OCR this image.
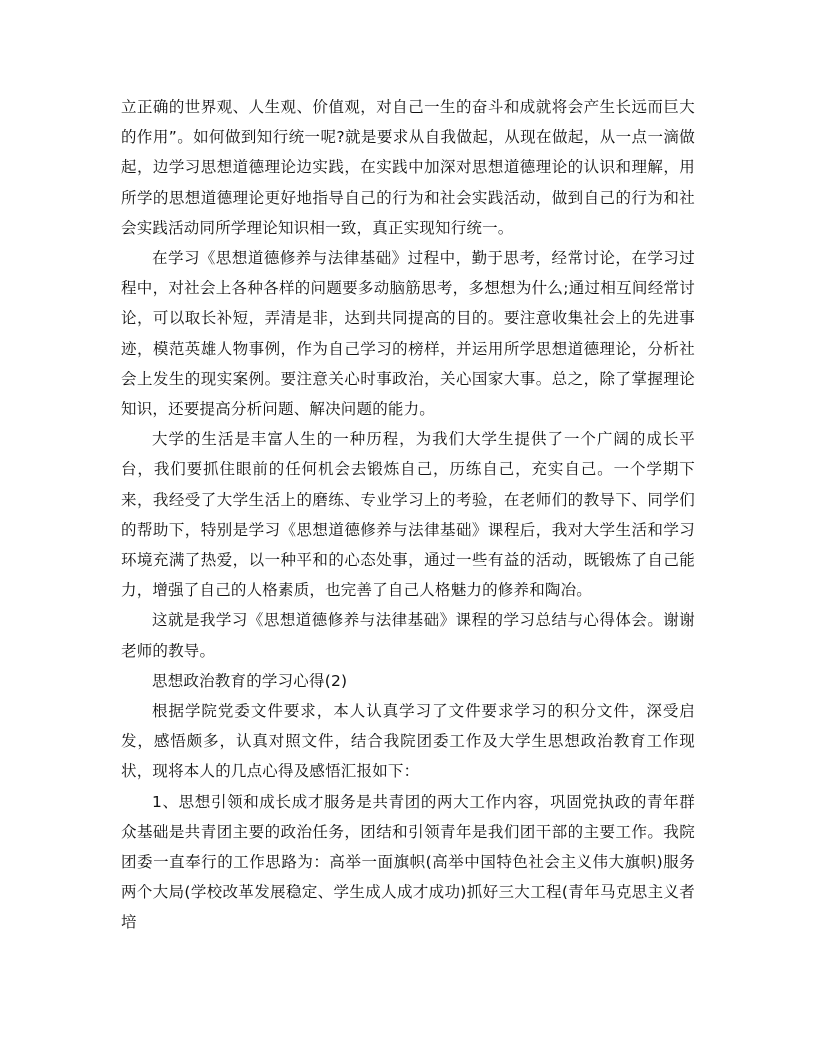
立正确的世界观、人生观、价值观，对自己一生的奋斗和成就将会产生长远而巨大的作用”。如何做到知行统一呢?就是要求从自我做起，从现在做起，从一点一滴做起，边学习思想道德理论边实践，在实践中加深对思想道德理论的认识和理解，用所学的思想道德理论更好地指导自己的行为和社会实践活动，做到自己的行为和社会实践活动同所学理论知识相一致，真正实现知行统一。

在学习《思想道德修养与法律基础》过程中，勤于思考，经常讨论，在学习过程中，对社会上各种各样的问题要多动脑筋思考，多想想为什么;通过相互间经常讨论，可以取长补短，弄清是非，达到共同提高的目的。要注意收集社会上的先进事迹，模范英雄人物事例，作为自己学习的榜样，并运用所学思想道德理论，分析社会上发生的现实案例。要注意关心时事政治，关心国家大事。总之，除了掌握理论知识，还要提高分析问题、解决问题的能力。

大学的生活是丰富人生的一种历程，为我们大学生提供了一个广阔的成长平台，我们要抓住眼前的任何机会去锻炼自己，历练自己，充实自己。一个学期下来，我经受了大学生活上的磨练、专业学习上的考验，在老师们的教导下、同学们的帮助下，特别是学习《思想道德修养与法律基础》课程后，我对大学生活和学习环境充满了热爱，以一种平和的心态处事，通过一些有益的活动，既锻炼了自己能力，增强了自己的人格素质，也完善了自己人格魅力的修养和陶冶。

这就是我学习《思想道德修养与法律基础》课程的学习总结与心得体会。谢谢老师的教导。

思想政治教育的学习心得(2)

根据学院党委文件要求，本人认真学习了文件要求学习的积分文件，深受启发，感悟颇多，认真对照文件，结合我院团委工作及大学生思想政治教育工作现状，现将本人的几点心得及感悟汇报如下：

1、思想引领和成长成才服务是共青团的两大工作内容，巩固党执政的青年群众基础是共青团主要的政治任务，团结和引领青年是我们团干部的主要工作。我院团委一直奉行的工作思路为：高举一面旗帜(高举中国特色社会主义伟大旗帜)服务两个大局(学校改革发展稳定、学生成人成才成功)抓好三大工程(青年马克思主义者培
